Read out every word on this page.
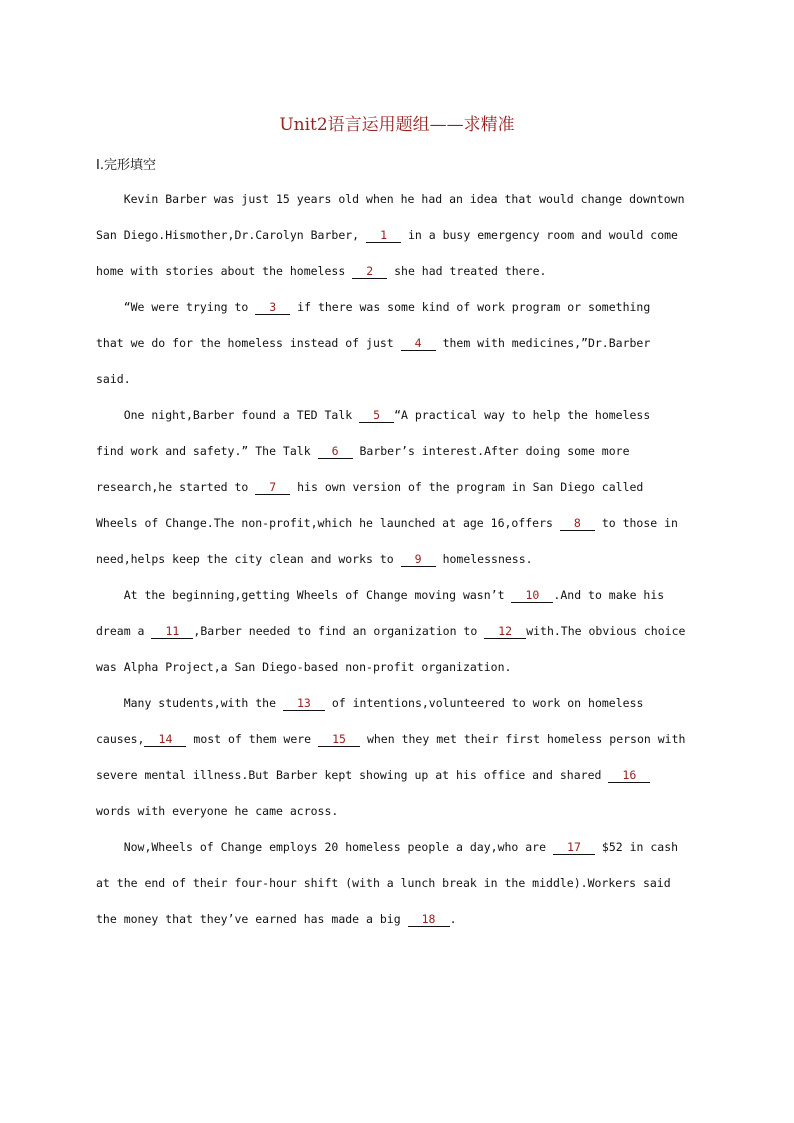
Unit2语言运用题组——求精准
Ⅰ.完形填空
Kevin Barber was just 15 years old when he had an idea that would change downtown
San Diego.Hismother,Dr.Carolyn Barber, 1 in a busy emergency room and would come
home with stories about the homeless 2 she had treated there.
“We were trying to 3 if there was some kind of work program or something
that we do for the homeless instead of just 4 them with medicines,”Dr.Barber
said.
One night,Barber found a TED Talk 5 “A practical way to help the homeless
find work and safety.” The Talk 6 Barber’s interest.After doing some more
research,he started to 7 his own version of the program in San Diego called
Wheels of Change.The non-profit,which he launched at age 16,offers 8 to those in
need,helps keep the city clean and works to 9 homelessness.
At the beginning,getting Wheels of Change moving wasn’t 10 .And to make his
dream a 11 ,Barber needed to find an organization to 12 with.The obvious choice
was Alpha Project,a San Diego-based non-profit organization.
Many students,with the 13 of intentions,volunteered to work on homeless
causes, 14 most of them were 15 when they met their first homeless person with
severe mental illness.But Barber kept showing up at his office and shared 16
words with everyone he came across.
Now,Wheels of Change employs 20 homeless people a day,who are 17 $52 in cash
at the end of their four-hour shift (with a lunch break in the middle).Workers said
the money that they’ve earned has made a big 18 .
